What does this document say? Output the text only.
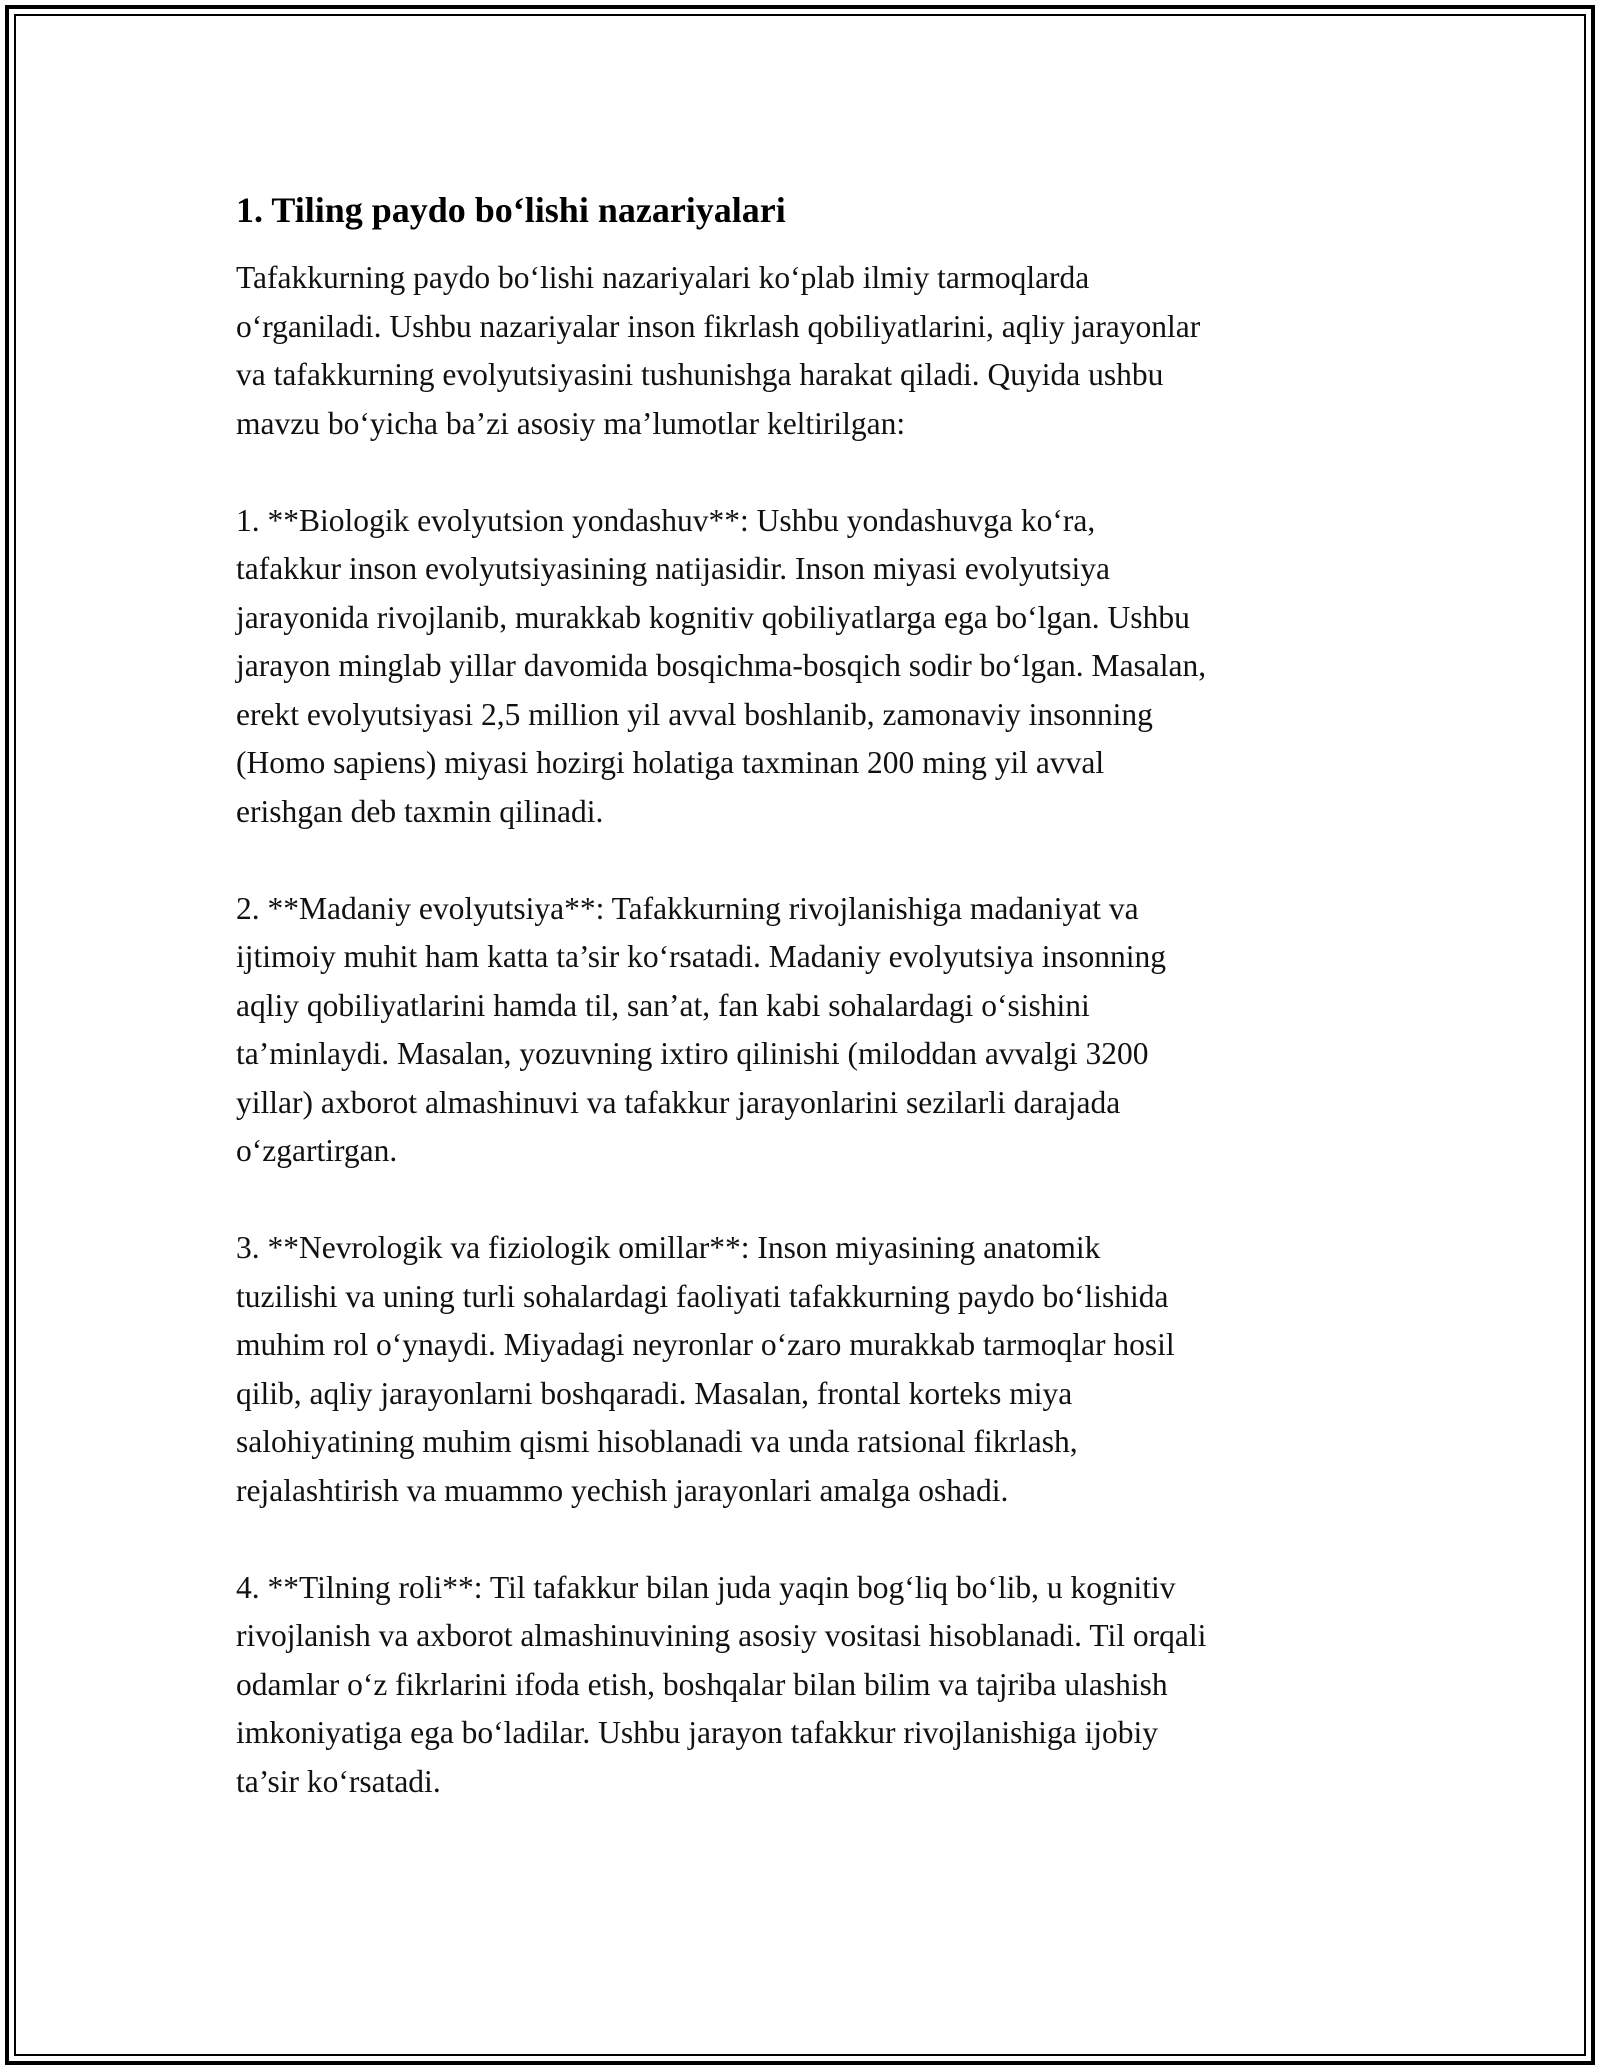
1. Tiling paydo bo‘lishi nazariyalari

Tafakkurning paydo bo‘lishi nazariyalari ko‘plab ilmiy tarmoqlarda
o‘rganiladi. Ushbu nazariyalar inson fikrlash qobiliyatlarini, aqliy jarayonlar
va tafakkurning evolyutsiyasini tushunishga harakat qiladi. Quyida ushbu
mavzu bo‘yicha ba’zi asosiy ma’lumotlar keltirilgan:

1. **Biologik evolyutsion yondashuv**: Ushbu yondashuvga ko‘ra,
tafakkur inson evolyutsiyasining natijasidir. Inson miyasi evolyutsiya
jarayonida rivojlanib, murakkab kognitiv qobiliyatlarga ega bo‘lgan. Ushbu
jarayon minglab yillar davomida bosqichma-bosqich sodir bo‘lgan. Masalan,
erekt evolyutsiyasi 2,5 million yil avval boshlanib, zamonaviy insonning
(Homo sapiens) miyasi hozirgi holatiga taxminan 200 ming yil avval
erishgan deb taxmin qilinadi.

2. **Madaniy evolyutsiya**: Tafakkurning rivojlanishiga madaniyat va
ijtimoiy muhit ham katta ta’sir ko‘rsatadi. Madaniy evolyutsiya insonning
aqliy qobiliyatlarini hamda til, san’at, fan kabi sohalardagi o‘sishini
ta’minlaydi. Masalan, yozuvning ixtiro qilinishi (miloddan avvalgi 3200
yillar) axborot almashinuvi va tafakkur jarayonlarini sezilarli darajada
o‘zgartirgan.

3. **Nevrologik va fiziologik omillar**: Inson miyasining anatomik
tuzilishi va uning turli sohalardagi faoliyati tafakkurning paydo bo‘lishida
muhim rol o‘ynaydi. Miyadagi neyronlar o‘zaro murakkab tarmoqlar hosil
qilib, aqliy jarayonlarni boshqaradi. Masalan, frontal korteks miya
salohiyatining muhim qismi hisoblanadi va unda ratsional fikrlash,
rejalashtirish va muammo yechish jarayonlari amalga oshadi.

4. **Tilning roli**: Til tafakkur bilan juda yaqin bog‘liq bo‘lib, u kognitiv
rivojlanish va axborot almashinuvining asosiy vositasi hisoblanadi. Til orqali
odamlar o‘z fikrlarini ifoda etish, boshqalar bilan bilim va tajriba ulashish
imkoniyatiga ega bo‘ladilar. Ushbu jarayon tafakkur rivojlanishiga ijobiy
ta’sir ko‘rsatadi.
